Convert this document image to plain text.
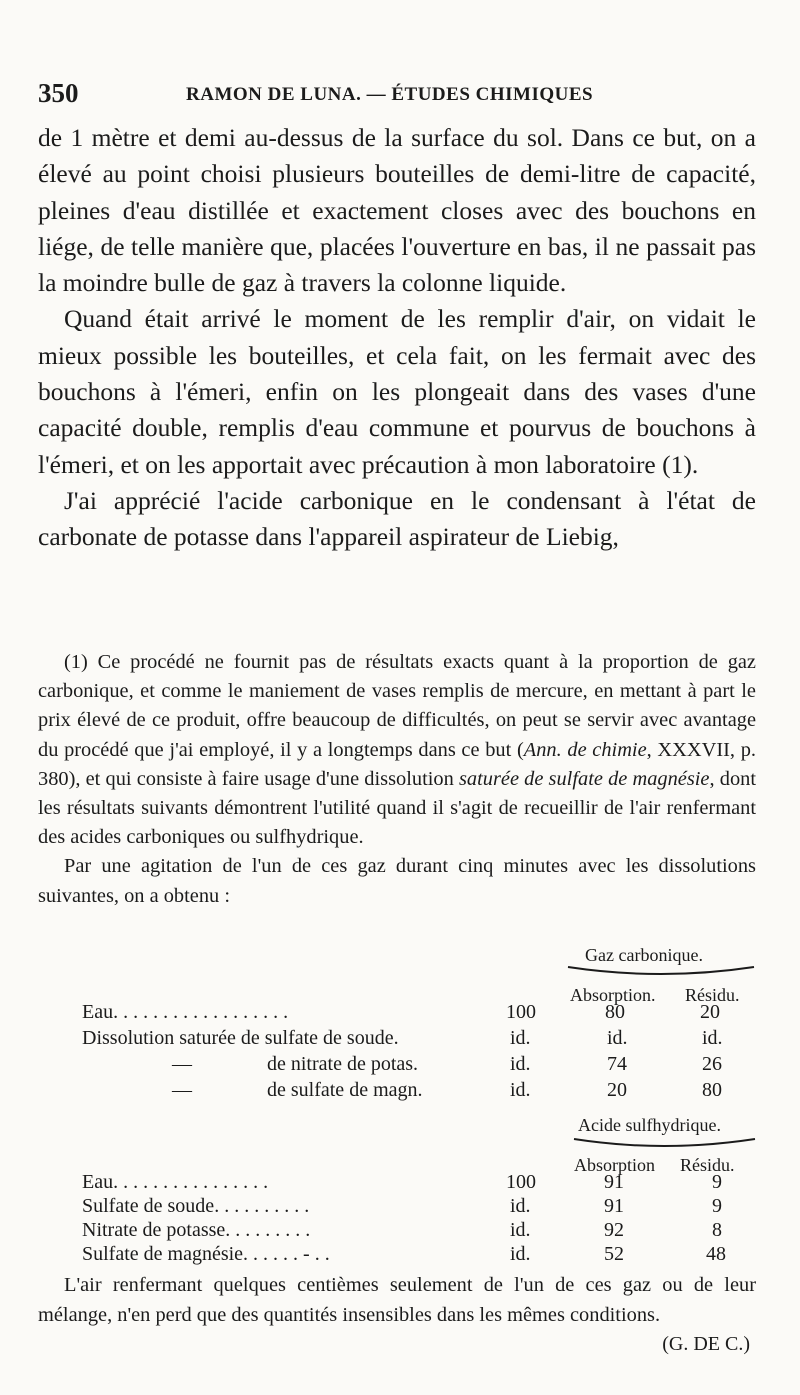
350	RAMON DE LUNA. — ÉTUDES CHIMIQUES

de 1 mètre et demi au-dessus de la surface du sol. Dans ce but, on a élevé au point choisi plusieurs bouteilles de demi-litre de capacité, pleines d'eau distillée et exactement closes avec des bouchons en liége, de telle manière que, placées l'ouverture en bas, il ne passait pas la moindre bulle de gaz à travers la colonne liquide.

Quand était arrivé le moment de les remplir d'air, on vidait le mieux possible les bouteilles, et cela fait, on les fermait avec des bouchons à l'émeri, enfin on les plongeait dans des vases d'une capacité double, remplis d'eau commune et pourvus de bouchons à l'émeri, et on les apportait avec précaution à mon laboratoire (1).

J'ai apprécié l'acide carbonique en le condensant à l'état de carbonate de potasse dans l'appareil aspirateur de Liebig,

(1) Ce procédé ne fournit pas de résultats exacts quant à la proportion de gaz carbonique, et comme le maniement de vases remplis de mercure, en mettant à part le prix élevé de ce produit, offre beaucoup de difficultés, on peut se servir avec avantage du procédé que j'ai employé, il y a longtemps dans ce but (Ann. de chimie, XXXVII, p. 380), et qui consiste à faire usage d'une dissolution saturée de sulfate de magnésie, dont les résultats suivants démontrent l'utilité quand il s'agit de recueillir de l'air renfermant des acides carboniques ou sulfhydrique.

Par une agitation de l'un de ces gaz durant cinq minutes avec les dissolutions suivantes, on a obtenu :

Gaz carbonique.
Absorption. Résidu.
Eau. . . . . . . . . . . . . . . . . .	100	80	20
Dissolution saturée de sulfate de soude.	id.	id.	id.
—	de nitrate de potas.	id.	74	26
—	de sulfate de magn.	id.	20	80
Acide sulfhydrique.
Absorption Résidu.
Eau. . . . . . . . . . . . . . . .	100	91	9
Sulfate de soude. . . . . . . . . .	id.	91	9
Nitrate de potasse. . . . . . . . .	id.	92	8
Sulfate de magnésie. . . . . . - . .	id.	52	48

L'air renfermant quelques centièmes seulement de l'un de ces gaz ou de leur mélange, n'en perd que des quantités insensibles dans les mêmes conditions.

(G. DE C.)
